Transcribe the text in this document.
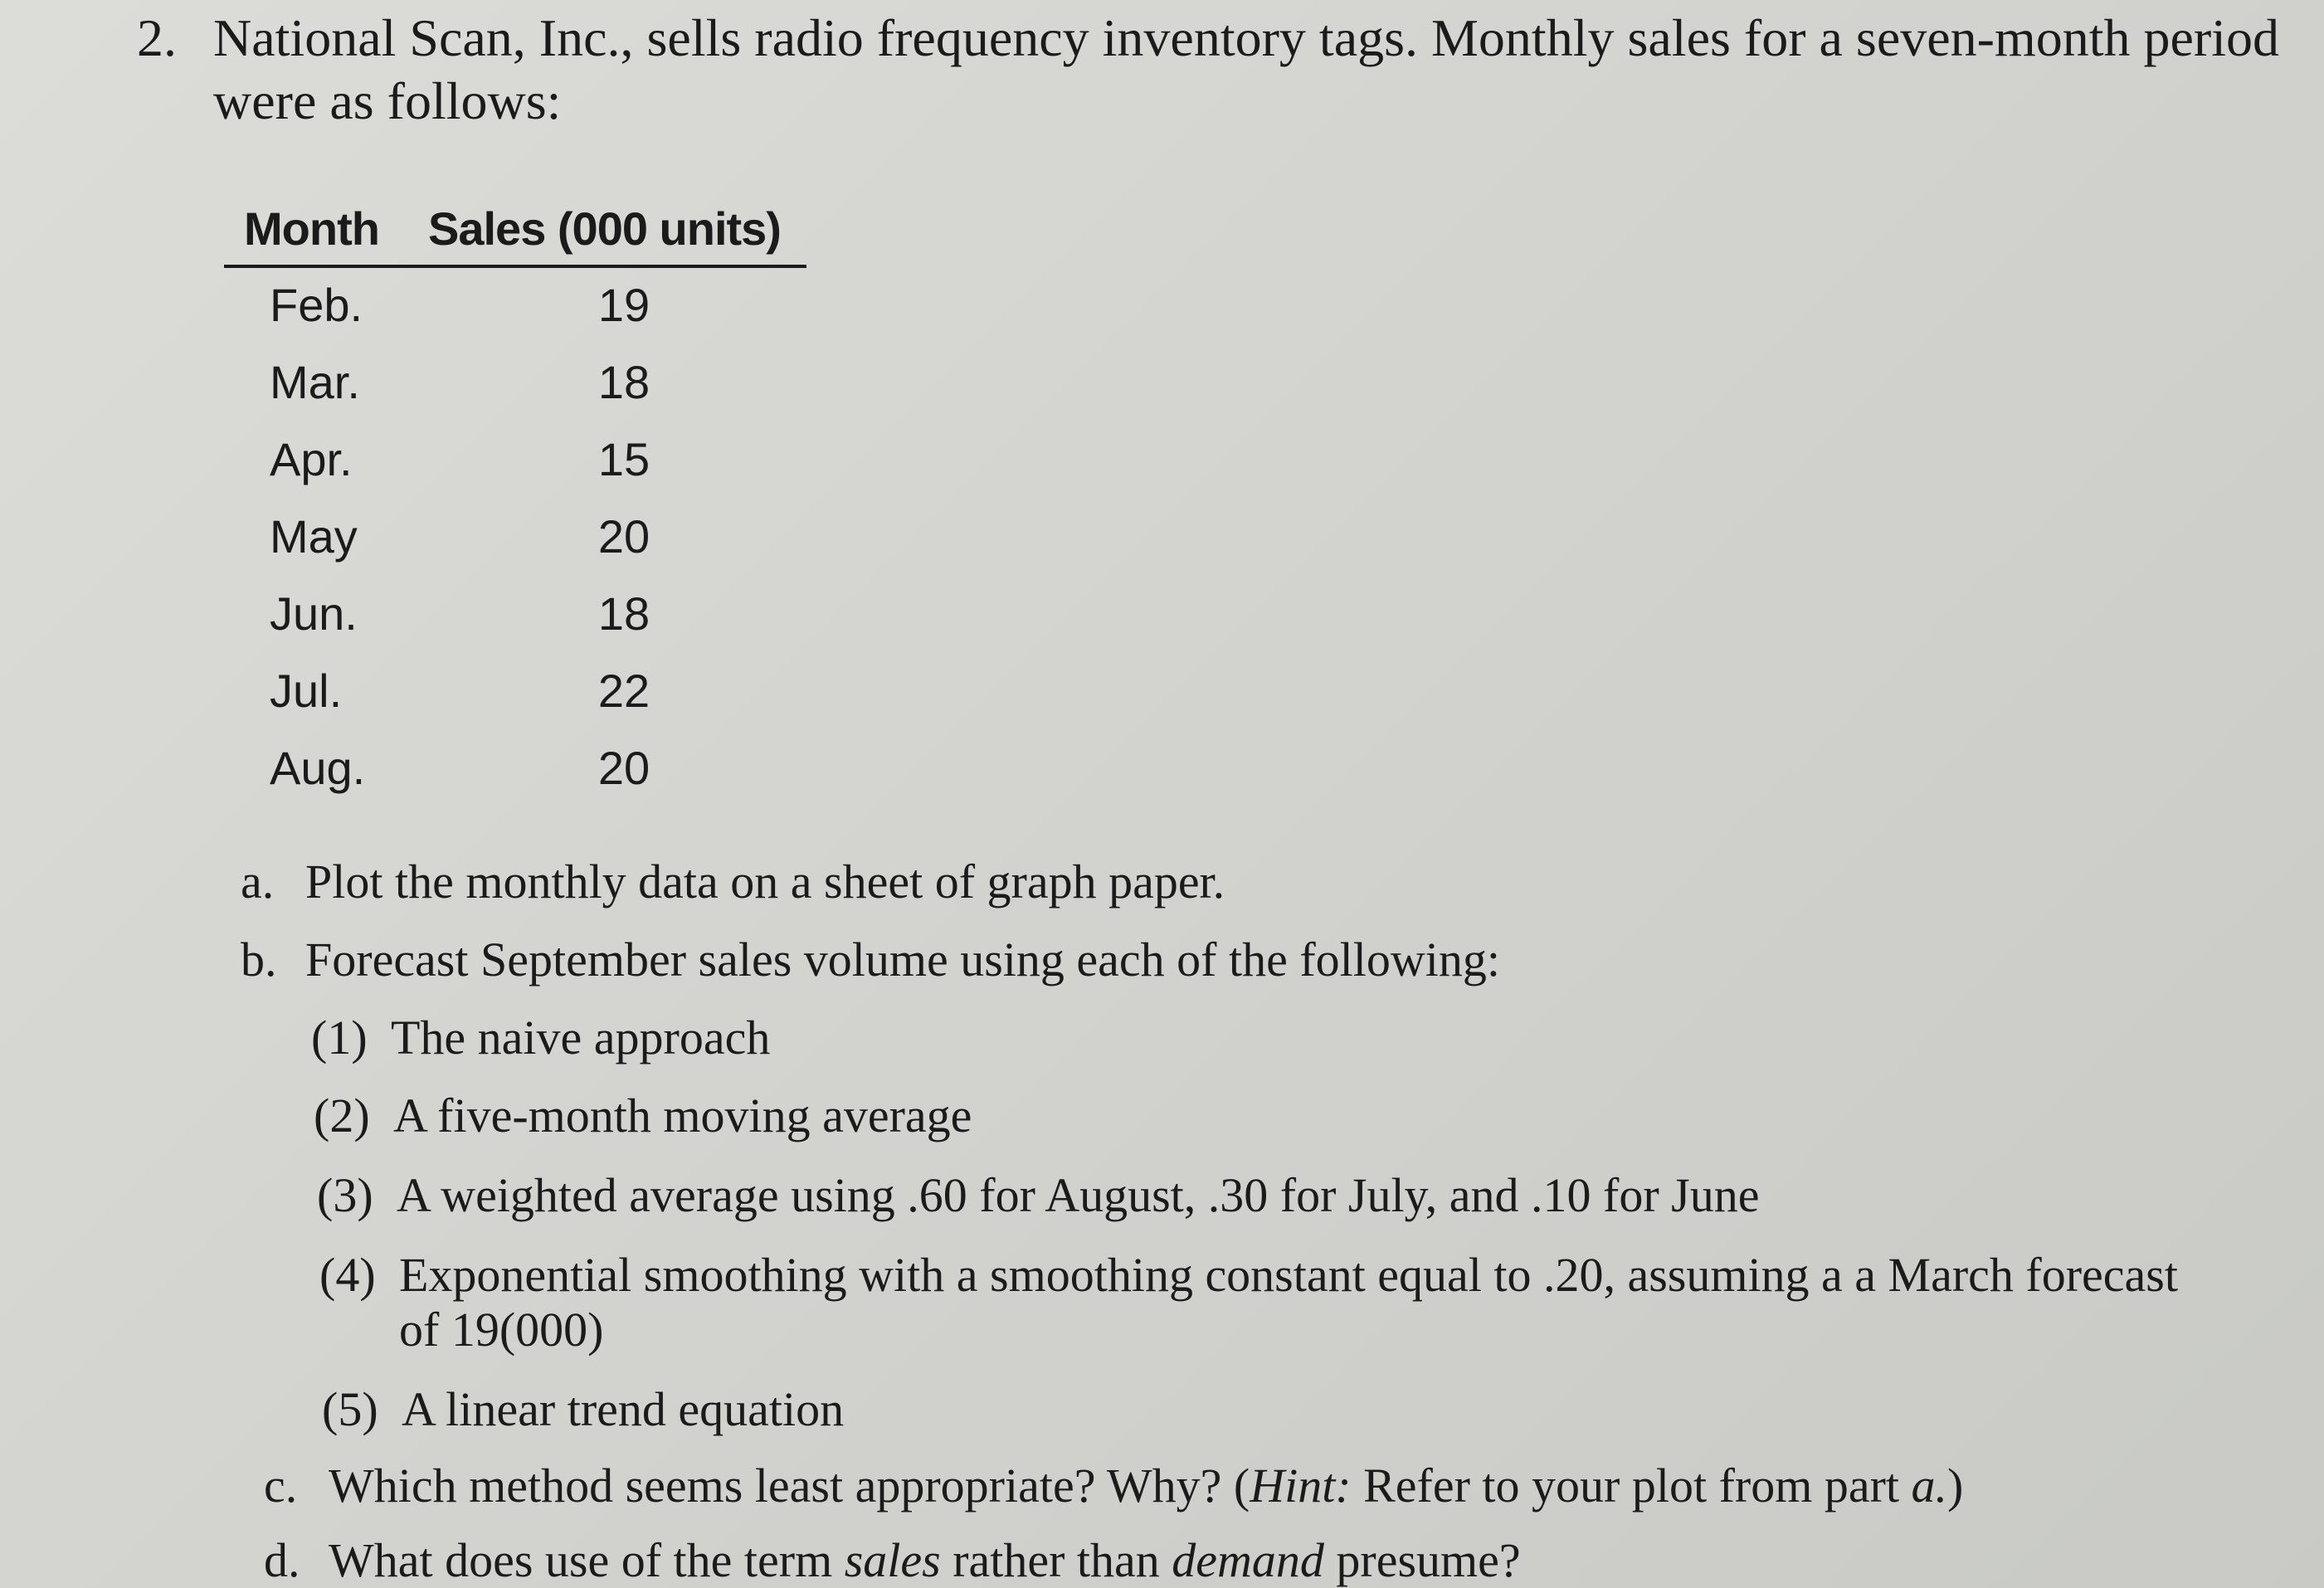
2. National Scan, Inc., sells radio frequency inventory tags. Monthly sales for a seven-month period
were as follows:
Month Sales (000 units)
Feb.	19
Mar.	18
Apr.	15
May	20
Jun.	18
Jul.	22
Aug.	20
a. Plot the monthly data on a sheet of graph paper.
b. Forecast September sales volume using each of the following:
(1) The naive approach
(2) A five-month moving average
(3) A weighted average using .60 for August, .30 for July, and .10 for June
(4) Exponential smoothing with a smoothing constant equal to .20, assuming a a March forecast
of 19(000)
(5) A linear trend equation
c. Which method seems least appropriate? Why? (Hint: Refer to your plot from part a.)
d. What does use of the term sales rather than demand presume?
